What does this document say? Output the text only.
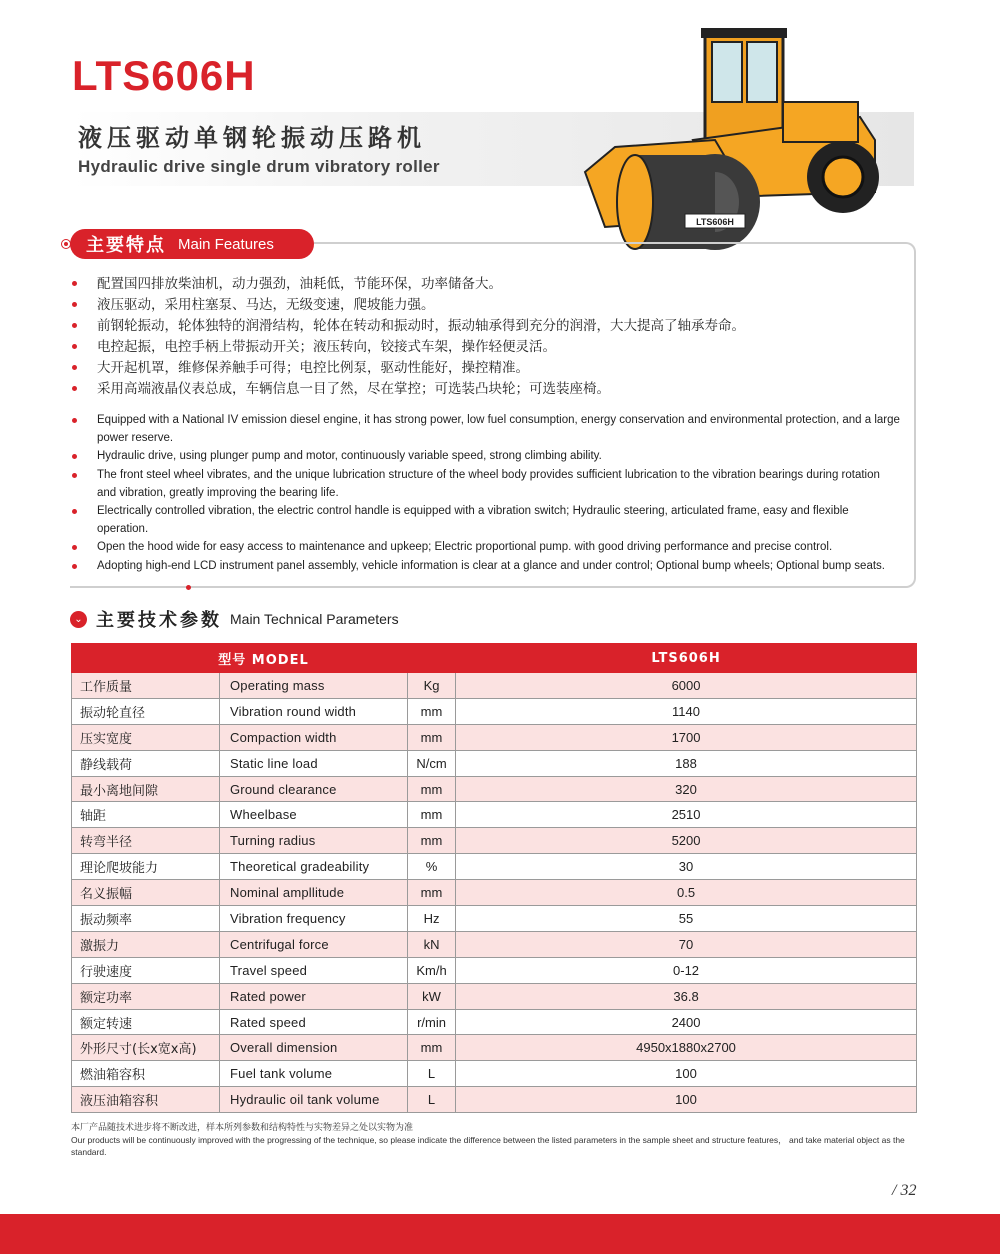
LTS606H
液压驱动单钢轮振动压路机
Hydraulic drive single drum vibratory roller
LTS606H
主要特点 Main Features
配置国四排放柴油机，动力强劲，油耗低，节能环保，功率储备大。
液压驱动，采用柱塞泵、马达，无级变速，爬坡能力强。
前钢轮振动，轮体独特的润滑结构，轮体在转动和振动时，振动轴承得到充分的润滑，大大提高了轴承寿命。
电控起振，电控手柄上带振动开关；液压转向，铰接式车架，操作轻便灵活。
大开起机罩，维修保养触手可得；电控比例泵，驱动性能好，操控精准。
采用高端液晶仪表总成，车辆信息一目了然，尽在掌控；可选装凸块轮；可选装座椅。
Equipped with a National IV emission diesel engine, it has strong power, low fuel consumption, energy conservation and environmental protection, and a large power reserve.
Hydraulic drive, using plunger pump and motor, continuously variable speed, strong climbing ability.
The front steel wheel vibrates, and the unique lubrication structure of the wheel body provides sufficient lubrication to the vibration bearings during rotation and vibration, greatly improving the bearing life.
Electrically controlled vibration, the electric control handle is equipped with a vibration switch; Hydraulic steering, articulated frame, easy and flexible operation.
Open the hood wide for easy access to maintenance and upkeep; Electric proportional pump. with good driving performance and precise control.
Adopting high-end LCD instrument panel assembly, vehicle information is clear at a glance and under control; Optional bump wheels; Optional bump seats.
⌄ 主要技术参数 Main Technical Parameters
型号 MODEL			LTS606H
工作质量	Operating mass	Kg	6000
振动轮直径	Vibration round width	mm	1140
压实宽度	Compaction width	mm	1700
静线载荷	Static line load	N/cm	188
最小离地间隙	Ground clearance	mm	320
轴距	Wheelbase	mm	2510
转弯半径	Turning radius	mm	5200
理论爬坡能力	Theoretical gradeability	%	30
名义振幅	Nominal ampllitude	mm	0.5
振动频率	Vibration frequency	Hz	55
激振力	Centrifugal force	kN	70
行驶速度	Travel speed	Km/h	0-12
额定功率	Rated power	kW	36.8
额定转速	Rated speed	r/min	2400
外形尺寸(长x宽x高)	Overall dimension	mm	4950x1880x2700
燃油箱容积	Fuel tank volume	L	100
液压油箱容积	Hydraulic oil tank volume	L	100
本厂产品随技术进步将不断改进，样本所列参数和结构特性与实物差异之处以实物为准
Our products will be continuously improved with the progressing of the technique, so please indicate the difference between the listed parameters in the sample sheet and structure features， and take material object as the standard.
/ 32
